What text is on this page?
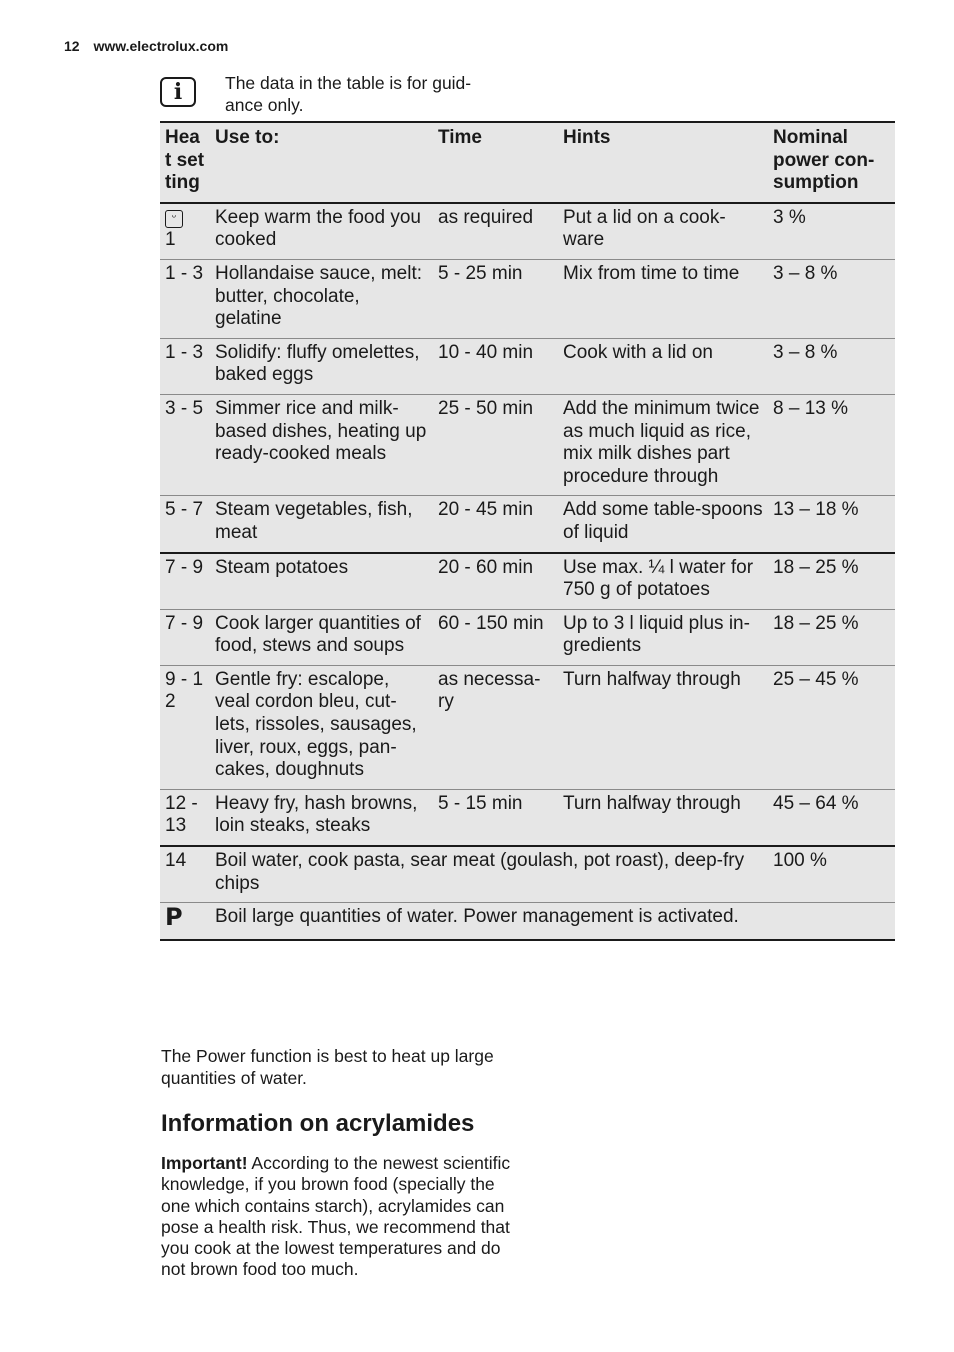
12 www.electrolux.com
i	The data in the table is for guid-ance only.
Heat setting	Use to:	Time	Hints	Nominal power con-sumption
ᵕ
1	Keep warm the food you cooked	as required	Put a lid on a cook-ware	3 %
1 - 3	Hollandaise sauce, melt: butter, chocolate, gelatine	5 - 25 min	Mix from time to time	3 – 8 %
1 - 3	Solidify: fluffy omelettes, baked eggs	10 - 40 min	Cook with a lid on	3 – 8 %
3 - 5	Simmer rice and milk-based dishes, heating up ready-cooked meals	25 - 50 min	Add the minimum twice as much liquid as rice, mix milk dishes part procedure through	8 – 13 %
5 - 7	Steam vegetables, fish, meat	20 - 45 min	Add some table-spoons of liquid	13 – 18 %
7 - 9	Steam potatoes	20 - 60 min	Use max. ¼ l water for 750 g of potatoes	18 – 25 %
7 - 9	Cook larger quantities of food, stews and soups	60 - 150 min	Up to 3 l liquid plus in-gredients	18 – 25 %
9 - 12	Gentle fry: escalope, veal cordon bleu, cut-lets, rissoles, sausages, liver, roux, eggs, pan-cakes, doughnuts	as necessa-ry	Turn halfway through	25 – 45 %
12 - 13	Heavy fry, hash browns, loin steaks, steaks	5 - 15 min	Turn halfway through	45 – 64 %
14	Boil water, cook pasta, sear meat (goulash, pot roast), deep-fry chips			100 %
P	Boil large quantities of water. Power management is activated.			
The Power function is best to heat up large quantities of water.
Information on acrylamides
Important! According to the newest scientific knowledge, if you brown food (specially the one which contains starch), acrylamides can pose a health risk. Thus, we recommend that you cook at the lowest temperatures and do not brown food too much.
